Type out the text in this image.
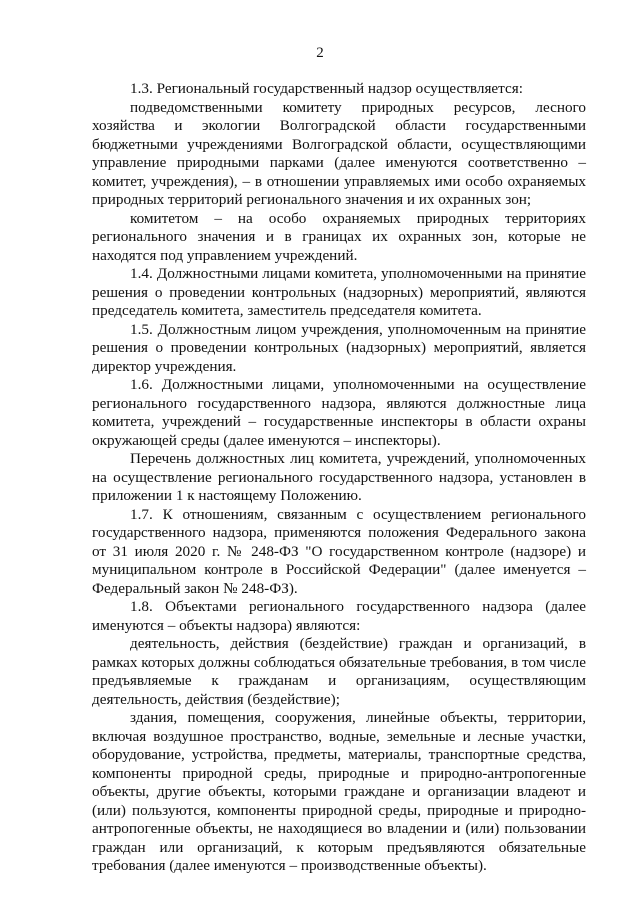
2

1.3. Региональный государственный надзор осуществляется:

подведомственными комитету природных ресурсов, лесного хозяйства и экологии Волгоградской области государственными бюджетными учреждениями Волгоградской области, осуществляющими управление природными парками (далее именуются соответственно – комитет, учреждения), – в отношении управляемых ими особо охраняемых природных территорий регионального значения и их охранных зон;

комитетом – на особо охраняемых природных территориях регионального значения и в границах их охранных зон, которые не находятся под управлением учреждений.

1.4. Должностными лицами комитета, уполномоченными на принятие решения о проведении контрольных (надзорных) мероприятий, являются председатель комитета, заместитель председателя комитета.

1.5. Должностным лицом учреждения, уполномоченным на принятие решения о проведении контрольных (надзорных) мероприятий, является директор учреждения.

1.6. Должностными лицами, уполномоченными на осуществление регионального государственного надзора, являются должностные лица комитета, учреждений – государственные инспекторы в области охраны окружающей среды (далее именуются – инспекторы).

Перечень должностных лиц комитета, учреждений, уполномоченных на осуществление регионального государственного надзора, установлен в приложении 1 к настоящему Положению.

1.7. К отношениям, связанным с осуществлением регионального государственного надзора, применяются положения Федерального закона от 31 июля 2020 г. № 248-ФЗ "О государственном контроле (надзоре) и муниципальном контроле в Российской Федерации" (далее именуется – Федеральный закон № 248-ФЗ).

1.8. Объектами регионального государственного надзора (далее именуются – объекты надзора) являются:

деятельность, действия (бездействие) граждан и организаций, в рамках которых должны соблюдаться обязательные требования, в том числе предъявляемые к гражданам и организациям, осуществляющим деятельность, действия (бездействие);

здания, помещения, сооружения, линейные объекты, территории, включая воздушное пространство, водные, земельные и лесные участки, оборудование, устройства, предметы, материалы, транспортные средства, компоненты природной среды, природные и природно-антропогенные объекты, другие объекты, которыми граждане и организации владеют и (или) пользуются, компоненты природной среды, природные и природно-антропогенные объекты, не находящиеся во владении и (или) пользовании граждан или организаций, к которым предъявляются обязательные требования (далее именуются – производственные объекты).
